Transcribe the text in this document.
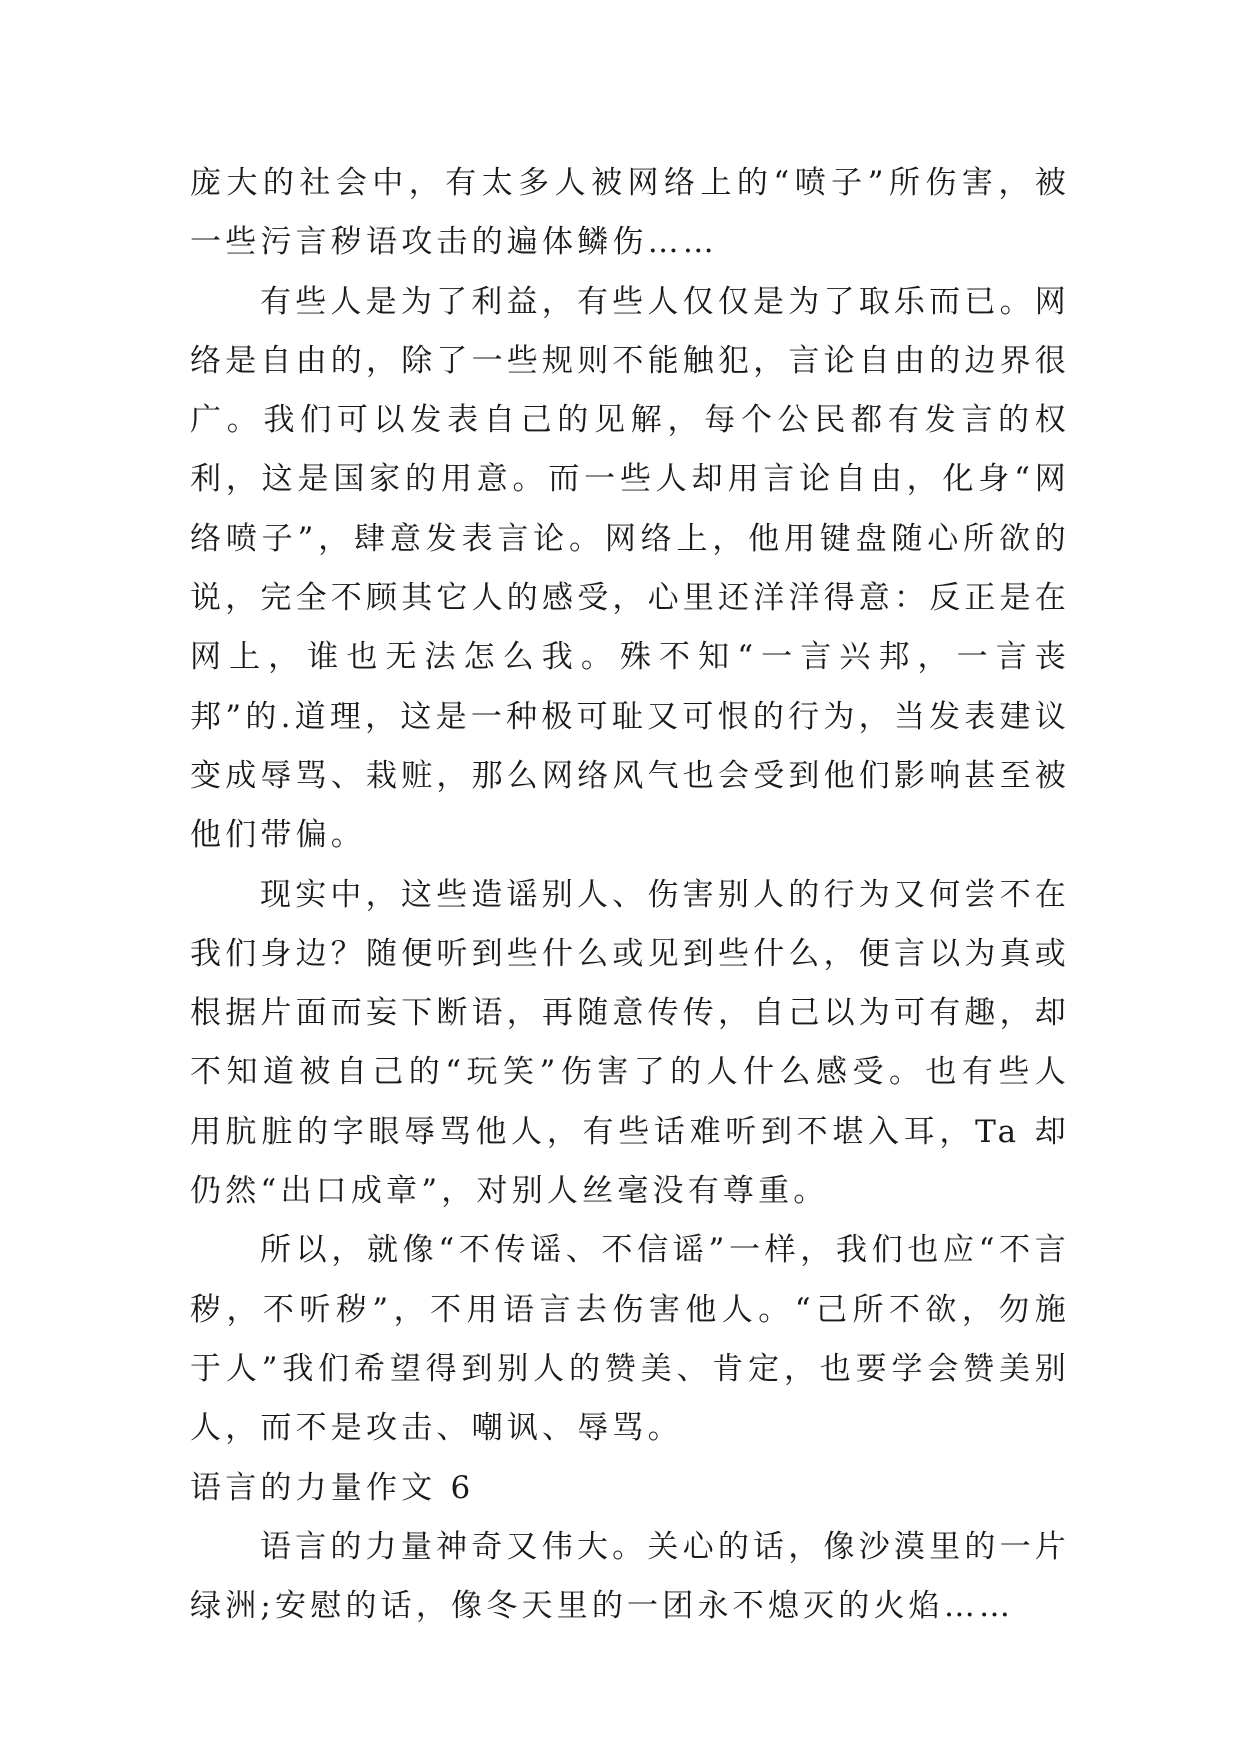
庞大的社会中，有太多人被网络上的“喷子”所伤害，被一些污言秽语攻击的遍体鳞伤……

有些人是为了利益，有些人仅仅是为了取乐而已。网络是自由的，除了一些规则不能触犯，言论自由的边界很广。我们可以发表自己的见解，每个公民都有发言的权利，这是国家的用意。而一些人却用言论自由，化身“网络喷子”，肆意发表言论。网络上，他用键盘随心所欲的说，完全不顾其它人的感受，心里还洋洋得意：反正是在网上，谁也无法怎么我。殊不知“一言兴邦，一言丧邦”的.道理，这是一种极可耻又可恨的行为，当发表建议变成辱骂、栽赃，那么网络风气也会受到他们影响甚至被他们带偏。

现实中，这些造谣别人、伤害别人的行为又何尝不在我们身边？随便听到些什么或见到些什么，便言以为真或根据片面而妄下断语，再随意传传，自己以为可有趣，却不知道被自己的“玩笑”伤害了的人什么感受。也有些人用肮脏的字眼辱骂他人，有些话难听到不堪入耳，Ta 却仍然“出口成章”，对别人丝毫没有尊重。

所以，就像“不传谣、不信谣”一样，我们也应“不言秽，不听秽”，不用语言去伤害他人。“己所不欲，勿施于人”我们希望得到别人的赞美、肯定，也要学会赞美别人，而不是攻击、嘲讽、辱骂。

语言的力量作文 6

语言的力量神奇又伟大。关心的话，像沙漠里的一片绿洲;安慰的话，像冬天里的一团永不熄灭的火焰……
